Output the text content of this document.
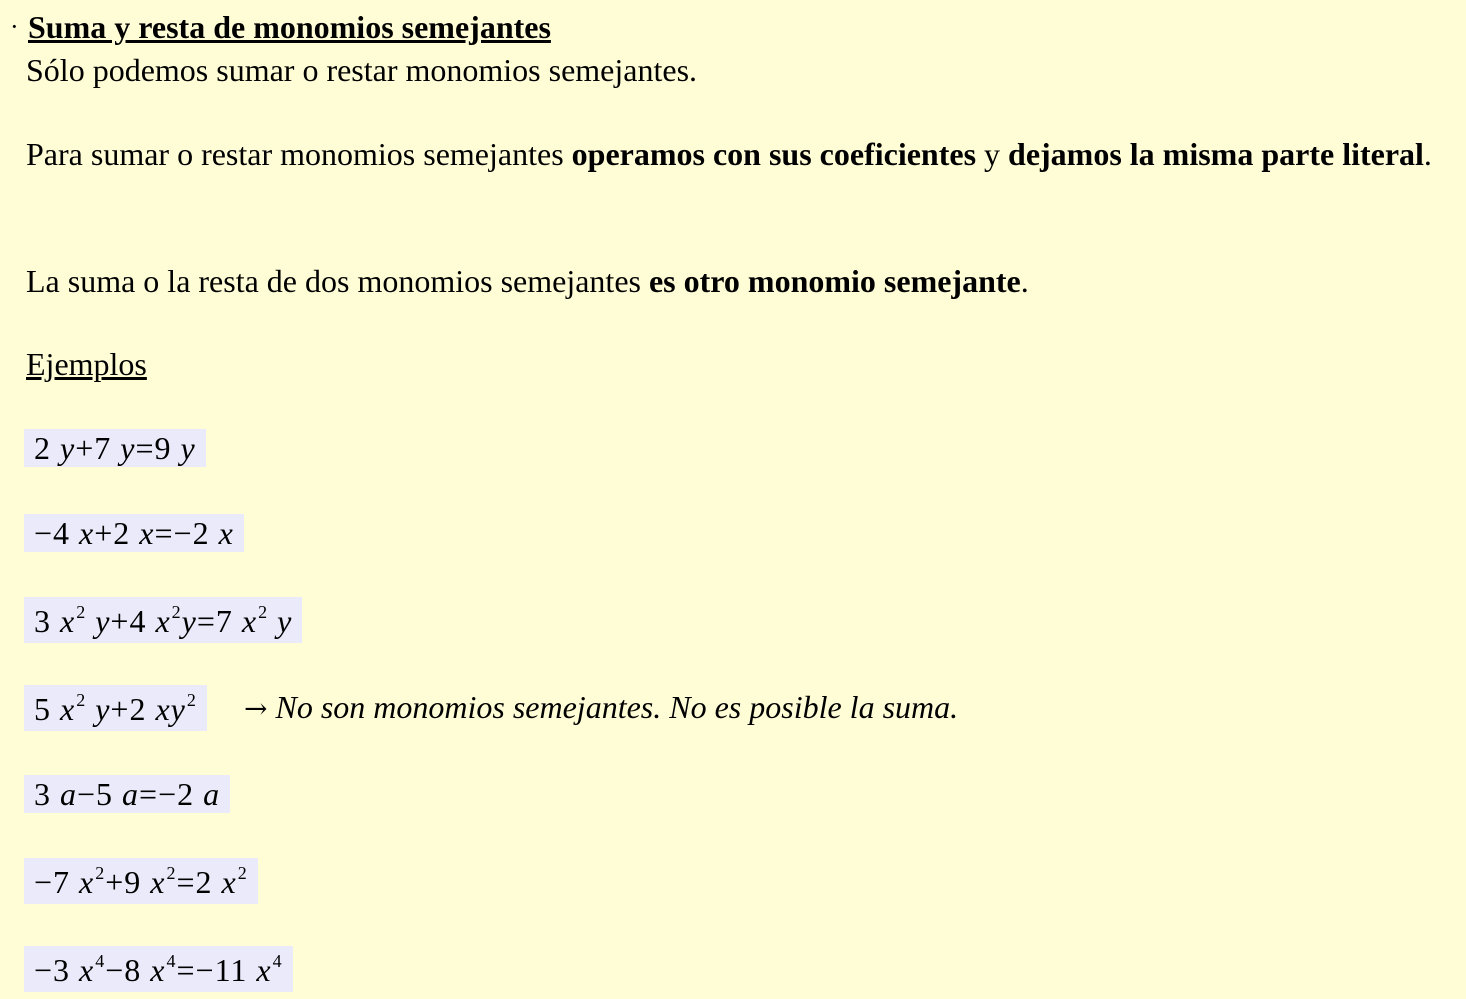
· Suma y resta de monomios semejantes
Sólo podemos sumar o restar monomios semejantes.
Para sumar o restar monomios semejantes operamos con sus coeficientes y dejamos la misma parte literal.
La suma o la resta de dos monomios semejantes es otro monomio semejante.
Ejemplos
2 y+7 y=9 y
−4 x+2 x=−2 x
3 $x^2$ y+4 $x^2y=7$ $x^2$ y
5 $x^2$ y+2 $xy^2$	→ No son monomios semejantes. No es posible la suma.
3 a−5 a=−2 a
−7 $x^2+9$ $x^2=2$ $x^2$
−3 $x^4-8$ $x^4=-11$ $x^4$
